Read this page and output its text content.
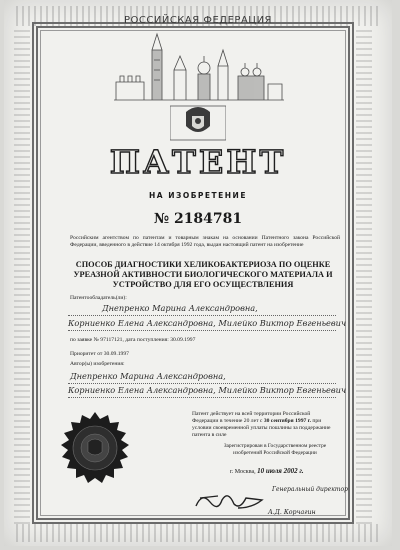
РОССИЙСКАЯ ФЕДЕРАЦИЯ
ПАТЕНТ
НА ИЗОБРЕТЕНИЕ
№ 2184781
Российским агентством по патентам и товарным знакам на основании Патентного закона Российской Федерации, введенного в действие 14 октября 1992 года, выдан настоящий патент на изобретение
СПОСОБ ДИАГНОСТИКИ ХЕЛИКОБАКТЕРИОЗА ПО ОЦЕНКЕ УРЕАЗНОЙ АКТИВНОСТИ БИОЛОГИЧЕСКОГО МАТЕРИАЛА И УСТРОЙСТВО ДЛЯ ЕГО ОСУЩЕСТВЛЕНИЯ
Патентообладатель(ли):
Днепренко Марина Александровна,
Корниенко Елена Александровна, Милейко Виктор Евгеньевич
по заявке № 97117121, дата поступления: 30.09.1997
Приоритет от 30.09.1997
Автор(ы) изобретения:
Днепренко Марина Александровна,
Корниенко Елена Александровна, Милейко Виктор Евгеньевич
Патент действует на всей территории Российской Федерации в течение 20 лет с 30 сентября 1997 г. при условии своевременной уплаты пошлины за поддержание патента в силе
Зарегистрирован в Государственном реестре изобретений Российской Федерации
г. Москва, 10 июля 2002 г.
Генеральный директор
А.Д. Корчагин
